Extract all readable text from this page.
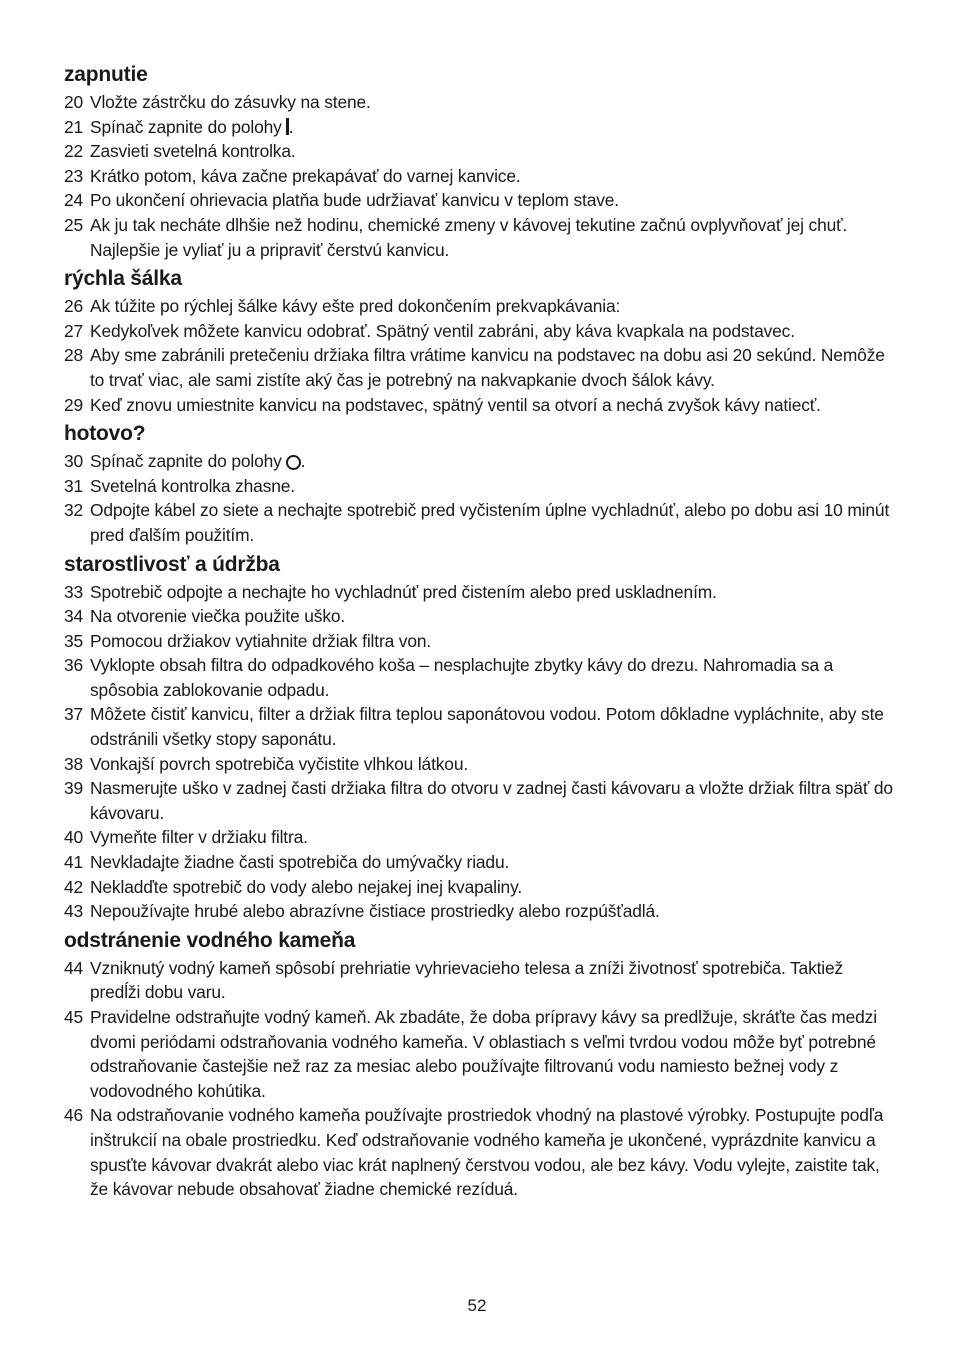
zapnutie
20 Vložte zástrčku do zásuvky na stene.
21 Spínač zapnite do polohy .
22 Zasvieti svetelná kontrolka.
23 Krátko potom, káva začne prekapávať do varnej kanvice.
24 Po ukončení ohrievacia platňa bude udržiavať kanvicu v teplom stave.
25 Ak ju tak necháte dlhšie než hodinu, chemické zmeny v kávovej tekutine začnú ovplyvňovať jej chuť. Najlepšie je vyliať ju a pripraviť čerstvú kanvicu.
rýchla šálka
26 Ak túžite po rýchlej šálke kávy ešte pred dokončením prekvapkávania:
27 Kedykoľvek môžete kanvicu odobrať. Spätný ventil zabráni, aby káva kvapkala na podstavec.
28 Aby sme zabránili pretečeniu držiaka filtra vrátime kanvicu na podstavec na dobu asi 20 sekúnd. Nemôže to trvať viac, ale sami zistíte aký čas je potrebný na nakvapkanie dvoch šálok kávy.
29 Keď znovu umiestnite kanvicu na podstavec, spätný ventil sa otvorí a nechá zvyšok kávy natiecť.
hotovo?
30 Spínač zapnite do polohy .
31 Svetelná kontrolka zhasne.
32 Odpojte kábel zo siete a nechajte spotrebič pred vyčistením úplne vychladnúť, alebo po dobu asi 10 minút pred ďalším použitím.
starostlivosť a údržba
33 Spotrebič odpojte a nechajte ho vychladnúť pred čistením alebo pred uskladnením.
34 Na otvorenie viečka použite uško.
35 Pomocou držiakov vytiahnite držiak filtra von.
36 Vyklopte obsah filtra do odpadkového koša – nesplachujte zbytky kávy do drezu. Nahromadia sa a spôsobia zablokovanie odpadu.
37 Môžete čistiť kanvicu, filter a držiak filtra teplou saponátovou vodou. Potom dôkladne vypláchnite, aby ste odstránili všetky stopy saponátu.
38 Vonkajší povrch spotrebiča vyčistite vlhkou látkou.
39 Nasmerujte uško v zadnej časti držiaka filtra do otvoru v zadnej časti kávovaru a vložte držiak filtra späť do kávovaru.
40 Vymeňte filter v držiaku filtra.
41 Nevkladajte žiadne časti spotrebiča do umývačky riadu.
42 Nekladďte spotrebič do vody alebo nejakej inej kvapaliny.
43 Nepoužívajte hrubé alebo abrazívne čistiace prostriedky alebo rozpúšťadlá.
odstránenie vodného kameňa
44 Vzniknutý vodný kameň spôsobí prehriatie vyhrievacieho telesa a zníži životnosť spotrebiča. Taktiež predĺži dobu varu.
45 Pravidelne odstraňujte vodný kameň. Ak zbadáte, že doba prípravy kávy sa predlžuje, skráťte čas medzi dvomi periódami odstraňovania vodného kameňa. V oblastiach s veľmi tvrdou vodou môže byť potrebné odstraňovanie častejšie než raz za mesiac alebo používajte filtrovanú vodu namiesto bežnej vody z vodovodného kohútika.
46 Na odstraňovanie vodného kameňa používajte prostriedok vhodný na plastové výrobky. Postupujte podľa inštrukcií na obale prostriedku. Keď odstraňovanie vodného kameňa je ukončené, vyprázdnite kanvicu a spusťte kávovar dvakrát alebo viac krát naplnený čerstvou vodou, ale bez kávy. Vodu vylejte, zaistite tak, že kávovar nebude obsahovať žiadne chemické rezíduá.
52
